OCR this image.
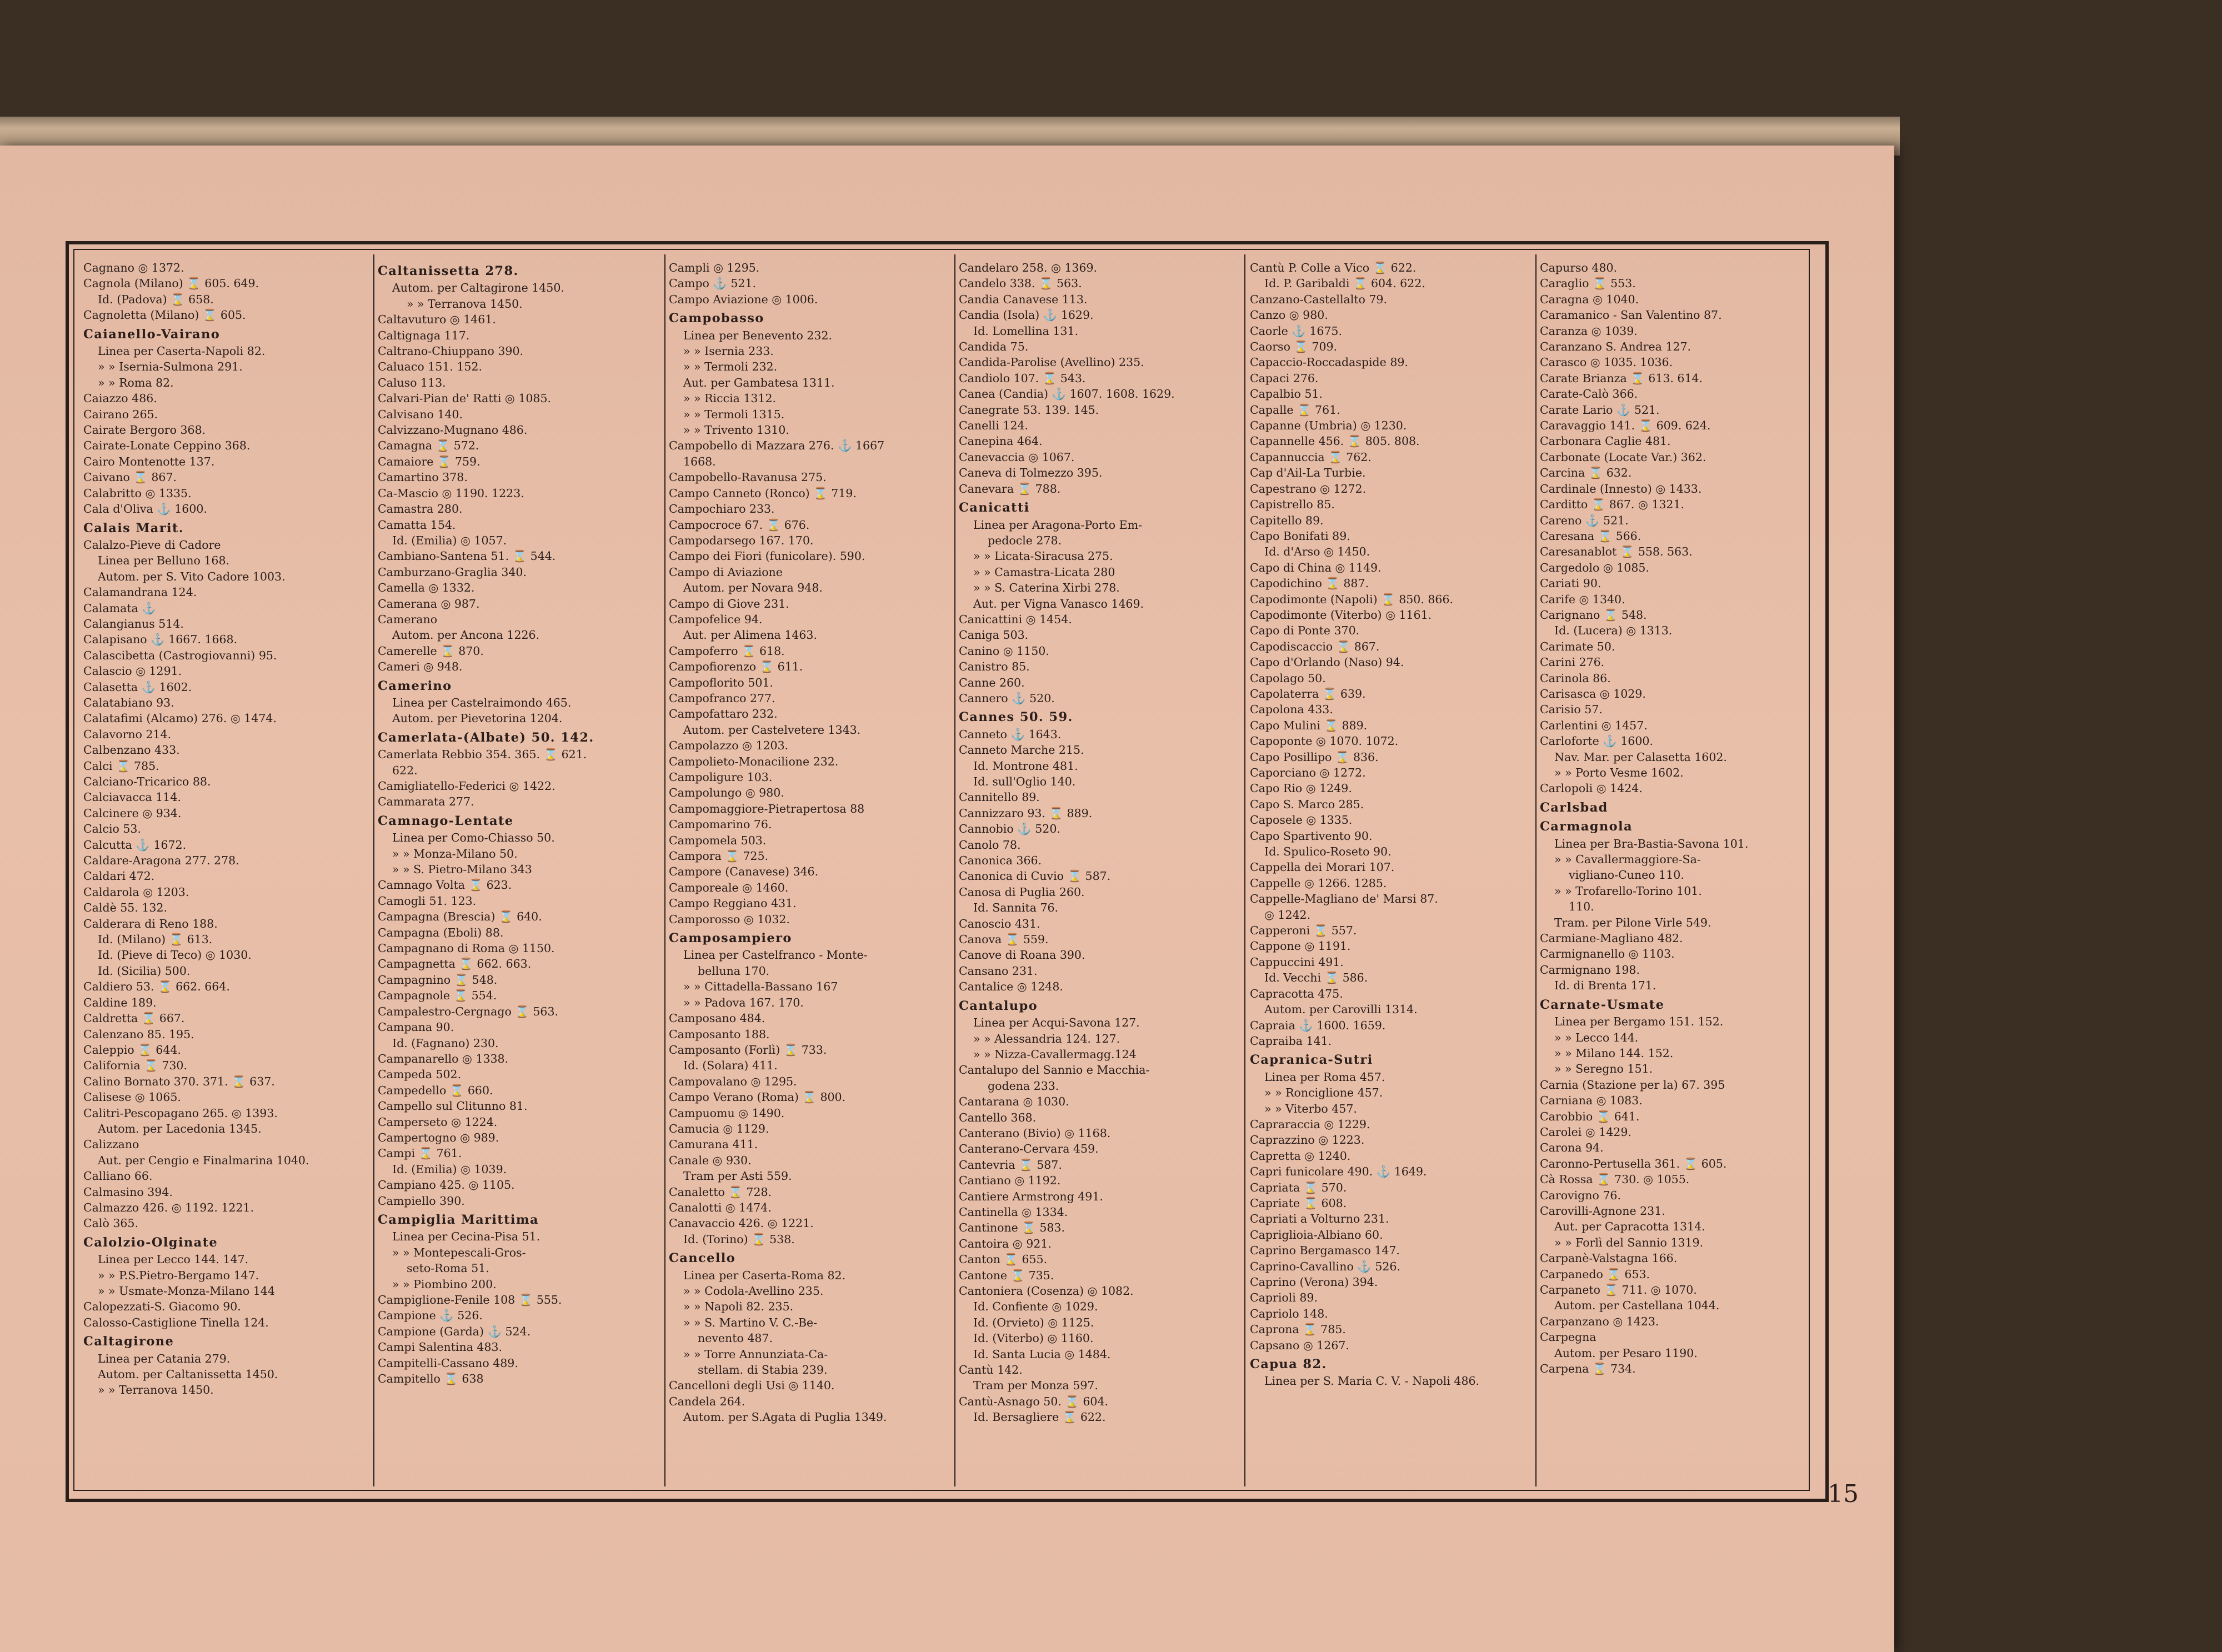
Cagnano ◎ 1372.
Cagnola (Milano) ⌛ 605. 649.
Id. (Padova) ⌛ 658.
Cagnoletta (Milano) ⌛ 605.
Caianello-Vairano
Linea per Caserta-Napoli 82.
» » Isernia-Sulmona 291.
» » Roma 82.
Caiazzo 486.
Cairano 265.
Cairate Bergoro 368.
Cairate-Lonate Ceppino 368.
Cairo Montenotte 137.
Caivano ⌛ 867.
Calabritto ◎ 1335.
Cala d'Oliva ⚓ 1600.
Calais Marit.
Calalzo-Pieve di Cadore
Linea per Belluno 168.
Autom. per S. Vito Cadore 1003.
Calamandrana 124.
Calamata ⚓
Calangianus 514.
Calapisano ⚓ 1667. 1668.
Calascibetta (Castrogiovanni) 95.
Calascio ◎ 1291.
Calasetta ⚓ 1602.
Calatabiano 93.
Calatafimi (Alcamo) 276. ◎ 1474.
Calavorno 214.
Calbenzano 433.
Calci ⌛ 785.
Calciano-Tricarico 88.
Calciavacca 114.
Calcinere ◎ 934.
Calcio 53.
Calcutta ⚓ 1672.
Caldare-Aragona 277. 278.
Caldari 472.
Caldarola ◎ 1203.
Caldè 55. 132.
Calderara di Reno 188.
Id. (Milano) ⌛ 613.
Id. (Pieve di Teco) ◎ 1030.
Id. (Sicilia) 500.
Caldiero 53. ⌛ 662. 664.
Caldine 189.
Caldretta ⌛ 667.
Calenzano 85. 195.
Caleppio ⌛ 644.
California ⌛ 730.
Calino Bornato 370. 371. ⌛ 637.
Calisese ◎ 1065.
Calitri-Pescopagano 265. ◎ 1393.
Autom. per Lacedonia 1345.
Calizzano
Aut. per Cengio e Finalmarina 1040.
Calliano 66.
Calmasino 394.
Calmazzo 426. ◎ 1192. 1221.
Calò 365.
Calolzio-Olginate
Linea per Lecco 144. 147.
» » P.S.Pietro-Bergamo 147.
» » Usmate-Monza-Milano 144
Calopezzati-S. Giacomo 90.
Calosso-Castiglione Tinella 124.
Caltagirone
Linea per Catania 279.
Autom. per Caltanissetta 1450.
» » Terranova 1450.
Caltanissetta 278.
Autom. per Caltagirone 1450.
» » Terranova 1450.
Caltavuturo ◎ 1461.
Caltignaga 117.
Caltrano-Chiuppano 390.
Caluaco 151. 152.
Caluso 113.
Calvari-Pian de' Ratti ◎ 1085.
Calvisano 140.
Calvizzano-Mugnano 486.
Camagna ⌛ 572.
Camaiore ⌛ 759.
Camartino 378.
Ca-Mascio ◎ 1190. 1223.
Camastra 280.
Camatta 154.
Id. (Emilia) ◎ 1057.
Cambiano-Santena 51. ⌛ 544.
Camburzano-Graglia 340.
Camella ◎ 1332.
Camerana ◎ 987.
Camerano
Autom. per Ancona 1226.
Camerelle ⌛ 870.
Cameri ◎ 948.
Camerino
Linea per Castelraimondo 465.
Autom. per Pievetorina 1204.
Camerlata-(Albate) 50. 142.
Camerlata Rebbio 354. 365. ⌛ 621.
622.
Camigliatello-Federici ◎ 1422.
Cammarata 277.
Camnago-Lentate
Linea per Como-Chiasso 50.
» » Monza-Milano 50.
» » S. Pietro-Milano 343
Camnago Volta ⌛ 623.
Camogli 51. 123.
Campagna (Brescia) ⌛ 640.
Campagna (Eboli) 88.
Campagnano di Roma ◎ 1150.
Campagnetta ⌛ 662. 663.
Campagnino ⌛ 548.
Campagnole ⌛ 554.
Campalestro-Cergnago ⌛ 563.
Campana 90.
Id. (Fagnano) 230.
Campanarello ◎ 1338.
Campeda 502.
Campedello ⌛ 660.
Campello sul Clitunno 81.
Camperseto ◎ 1224.
Campertogno ◎ 989.
Campi ⌛ 761.
Id. (Emilia) ◎ 1039.
Campiano 425. ◎ 1105.
Campiello 390.
Campiglia Marittima
Linea per Cecina-Pisa 51.
» » Montepescali-Gros-
seto-Roma 51.
» » Piombino 200.
Campiglione-Fenile 108 ⌛ 555.
Campione ⚓ 526.
Campione (Garda) ⚓ 524.
Campi Salentina 483.
Campitelli-Cassano 489.
Campitello ⌛ 638
Campli ◎ 1295.
Campo ⚓ 521.
Campo Aviazione ◎ 1006.
Campobasso
Linea per Benevento 232.
» » Isernia 233.
» » Termoli 232.
Aut. per Gambatesa 1311.
» » Riccia 1312.
» » Termoli 1315.
» » Trivento 1310.
Campobello di Mazzara 276. ⚓ 1667
1668.
Campobello-Ravanusa 275.
Campo Canneto (Ronco) ⌛ 719.
Campochiaro 233.
Campocroce 67. ⌛ 676.
Campodarsego 167. 170.
Campo dei Fiori (funicolare). 590.
Campo di Aviazione
Autom. per Novara 948.
Campo di Giove 231.
Campofelice 94.
Aut. per Alimena 1463.
Campoferro ⌛ 618.
Campofiorenzo ⌛ 611.
Campoflorito 501.
Campofranco 277.
Campofattaro 232.
Autom. per Castelvetere 1343.
Campolazzo ◎ 1203.
Campolieto-Monacilione 232.
Campoligure 103.
Campolungo ◎ 980.
Campomaggiore-Pietrapertosa 88
Campomarino 76.
Campomela 503.
Campora ⌛ 725.
Campore (Canavese) 346.
Camporeale ◎ 1460.
Campo Reggiano 431.
Camporosso ◎ 1032.
Camposampiero
Linea per Castelfranco - Monte-
belluna 170.
» » Cittadella-Bassano 167
» » Padova 167. 170.
Camposano 484.
Camposanto 188.
Camposanto (Forlì) ⌛ 733.
Id. (Solara) 411.
Campovalano ◎ 1295.
Campo Verano (Roma) ⌛ 800.
Campuomu ◎ 1490.
Camucia ◎ 1129.
Camurana 411.
Canale ◎ 930.
Tram per Asti 559.
Canaletto ⌛ 728.
Canalotti ◎ 1474.
Canavaccio 426. ◎ 1221.
Id. (Torino) ⌛ 538.
Cancello
Linea per Caserta-Roma 82.
» » Codola-Avellino 235.
» » Napoli 82. 235.
» » S. Martino V. C.-Be-
nevento 487.
» » Torre Annunziata-Ca-
stellam. di Stabia 239.
Cancelloni degli Usi ◎ 1140.
Candela 264.
Autom. per S.Agata di Puglia 1349.
Candelaro 258. ◎ 1369.
Candelo 338. ⌛ 563.
Candia Canavese 113.
Candia (Isola) ⚓ 1629.
Id. Lomellina 131.
Candida 75.
Candida-Parolise (Avellino) 235.
Candiolo 107. ⌛ 543.
Canea (Candia) ⚓ 1607. 1608. 1629.
Canegrate 53. 139. 145.
Canelli 124.
Canepina 464.
Canevaccia ◎ 1067.
Caneva di Tolmezzo 395.
Canevara ⌛ 788.
Canicatti
Linea per Aragona-Porto Em-
pedocle 278.
» » Licata-Siracusa 275.
» » Camastra-Licata 280
» » S. Caterina Xirbi 278.
Aut. per Vigna Vanasco 1469.
Canicattini ◎ 1454.
Caniga 503.
Canino ◎ 1150.
Canistro 85.
Canne 260.
Cannero ⚓ 520.
Cannes 50. 59.
Canneto ⚓ 1643.
Canneto Marche 215.
Id. Montrone 481.
Id. sull'Oglio 140.
Cannitello 89.
Cannizzaro 93. ⌛ 889.
Cannobio ⚓ 520.
Canolo 78.
Canonica 366.
Canonica di Cuvio ⌛ 587.
Canosa di Puglia 260.
Id. Sannita 76.
Canoscio 431.
Canova ⌛ 559.
Canove di Roana 390.
Cansano 231.
Cantalice ◎ 1248.
Cantalupo
Linea per Acqui-Savona 127.
» » Alessandria 124. 127.
» » Nizza-Cavallermagg.124
Cantalupo del Sannio e Macchia-
godena 233.
Cantarana ◎ 1030.
Cantello 368.
Canterano (Bivio) ◎ 1168.
Canterano-Cervara 459.
Cantevria ⌛ 587.
Cantiano ◎ 1192.
Cantiere Armstrong 491.
Cantinella ◎ 1334.
Cantinone ⌛ 583.
Cantoira ◎ 921.
Canton ⌛ 655.
Cantone ⌛ 735.
Cantoniera (Cosenza) ◎ 1082.
Id. Confiente ◎ 1029.
Id. (Orvieto) ◎ 1125.
Id. (Viterbo) ◎ 1160.
Id. Santa Lucia ◎ 1484.
Cantù 142.
Tram per Monza 597.
Cantù-Asnago 50. ⌛ 604.
Id. Bersagliere ⌛ 622.
Cantù P. Colle a Vico ⌛ 622.
Id. P. Garibaldi ⌛ 604. 622.
Canzano-Castellalto 79.
Canzo ◎ 980.
Caorle ⚓ 1675.
Caorso ⌛ 709.
Capaccio-Roccadaspide 89.
Capaci 276.
Capalbio 51.
Capalle ⌛ 761.
Capanne (Umbria) ◎ 1230.
Capannelle 456. ⌛ 805. 808.
Capannuccia ⌛ 762.
Cap d'Ail-La Turbie.
Capestrano ◎ 1272.
Capistrello 85.
Capitello 89.
Capo Bonifati 89.
Id. d'Arso ◎ 1450.
Capo di China ◎ 1149.
Capodichino ⌛ 887.
Capodimonte (Napoli) ⌛ 850. 866.
Capodimonte (Viterbo) ◎ 1161.
Capo di Ponte 370.
Capodiscaccio ⌛ 867.
Capo d'Orlando (Naso) 94.
Capolago 50.
Capolaterra ⌛ 639.
Capolona 433.
Capo Mulini ⌛ 889.
Capoponte ◎ 1070. 1072.
Capo Posillipo ⌛ 836.
Caporciano ◎ 1272.
Capo Rio ◎ 1249.
Capo S. Marco 285.
Caposele ◎ 1335.
Capo Spartivento 90.
Id. Spulico-Roseto 90.
Cappella dei Morari 107.
Cappelle ◎ 1266. 1285.
Cappelle-Magliano de' Marsi 87.
◎ 1242.
Capperoni ⌛ 557.
Cappone ◎ 1191.
Cappuccini 491.
Id. Vecchi ⌛ 586.
Capracotta 475.
Autom. per Carovilli 1314.
Capraia ⚓ 1600. 1659.
Capraiba 141.
Capranica-Sutri
Linea per Roma 457.
» » Ronciglione 457.
» » Viterbo 457.
Capraraccia ◎ 1229.
Caprazzino ◎ 1223.
Capretta ◎ 1240.
Capri funicolare 490. ⚓ 1649.
Capriata ⌛ 570.
Capriate ⌛ 608.
Capriati a Volturno 231.
Capriglioia-Albiano 60.
Caprino Bergamasco 147.
Caprino-Cavallino ⚓ 526.
Caprino (Verona) 394.
Caprioli 89.
Capriolo 148.
Caprona ⌛ 785.
Capsano ◎ 1267.
Capua 82.
Linea per S. Maria C. V. - Napoli 486.
Capurso 480.
Caraglio ⌛ 553.
Caragna ◎ 1040.
Caramanico - San Valentino 87.
Caranza ◎ 1039.
Caranzano S. Andrea 127.
Carasco ◎ 1035. 1036.
Carate Brianza ⌛ 613. 614.
Carate-Calò 366.
Carate Lario ⚓ 521.
Caravaggio 141. ⌛ 609. 624.
Carbonara Caglie 481.
Carbonate (Locate Var.) 362.
Carcina ⌛ 632.
Cardinale (Innesto) ◎ 1433.
Carditto ⌛ 867. ◎ 1321.
Careno ⚓ 521.
Caresana ⌛ 566.
Caresanablot ⌛ 558. 563.
Cargedolo ◎ 1085.
Cariati 90.
Carife ◎ 1340.
Carignano ⌛ 548.
Id. (Lucera) ◎ 1313.
Carimate 50.
Carini 276.
Carinola 86.
Carisasca ◎ 1029.
Carisio 57.
Carlentini ◎ 1457.
Carloforte ⚓ 1600.
Nav. Mar. per Calasetta 1602.
» » Porto Vesme 1602.
Carlopoli ◎ 1424.
Carlsbad
Carmagnola
Linea per Bra-Bastia-Savona 101.
» » Cavallermaggiore-Sa-
vigliano-Cuneo 110.
» » Trofarello-Torino 101.
110.
Tram. per Pilone Virle 549.
Carmiane-Magliano 482.
Carmignanello ◎ 1103.
Carmignano 198.
Id. di Brenta 171.
Carnate-Usmate
Linea per Bergamo 151. 152.
» » Lecco 144.
» » Milano 144. 152.
» » Seregno 151.
Carnia (Stazione per la) 67. 395
Carniana ◎ 1083.
Carobbio ⌛ 641.
Carolei ◎ 1429.
Carona 94.
Caronno-Pertusella 361. ⌛ 605.
Cà Rossa ⌛ 730. ◎ 1055.
Carovigno 76.
Carovilli-Agnone 231.
Aut. per Capracotta 1314.
» » Forlì del Sannio 1319.
Carpanè-Valstagna 166.
Carpanedo ⌛ 653.
Carpaneto ⌛ 711. ◎ 1070.
Autom. per Castellana 1044.
Carpanzano ◎ 1423.
Carpegna
Autom. per Pesaro 1190.
Carpena ⌛ 734.
15
